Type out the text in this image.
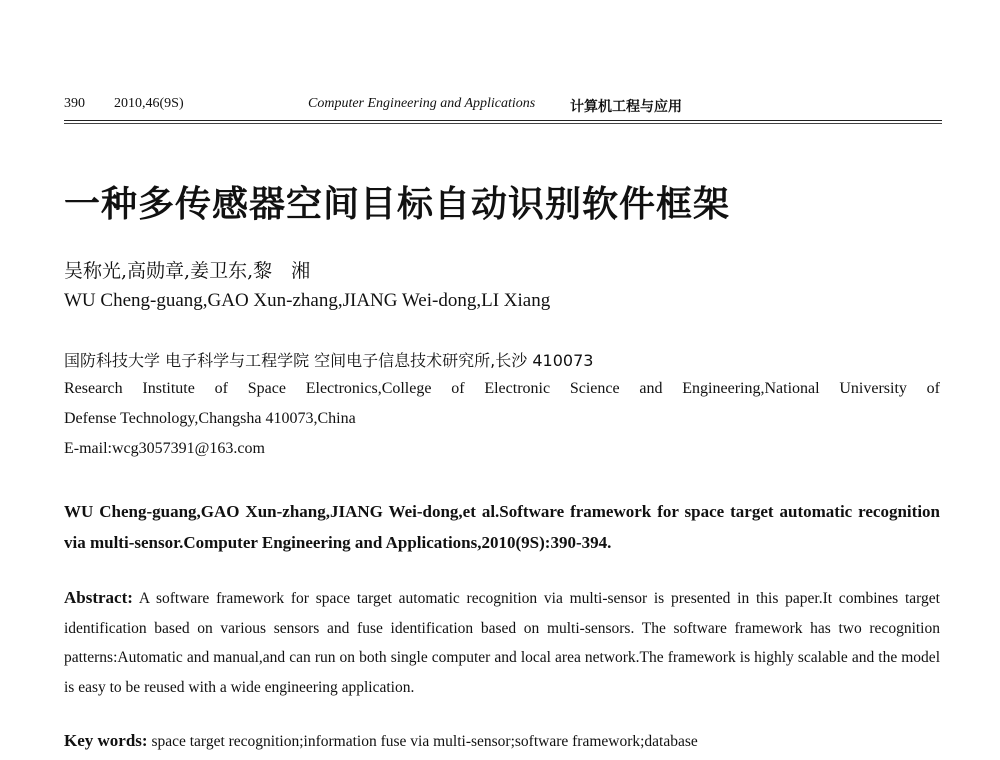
390 2010,46(9S)	Computer Engineering and Applications 计算机工程与应用
一种多传感器空间目标自动识别软件框架
吴称光,高勋章,姜卫东,黎　湘
WU Cheng-guang,GAO Xun-zhang,JIANG Wei-dong,LI Xiang
国防科技大学 电子科学与工程学院 空间电子信息技术研究所,长沙 410073
Research Institute of Space Electronics,College of Electronic Science and Engineering,National University of
Defense Technology,Changsha 410073,China
E-mail:wcg3057391@163.com
WU Cheng-guang,GAO Xun-zhang,JIANG Wei-dong,et al.Software framework for space target automatic recognition via multi-sensor.Computer Engineering and Applications,2010(9S):390-394.
Abstract: A software framework for space target automatic recognition via multi-sensor is presented in this paper.It combines target identification based on various sensors and fuse identification based on multi-sensors. The software framework has two recognition patterns:Automatic and manual,and can run on both single computer and local area network.The framework is highly scalable and the model is easy to be reused with a wide engineering application.
Key words: space target recognition;information fuse via multi-sensor;software framework;database
